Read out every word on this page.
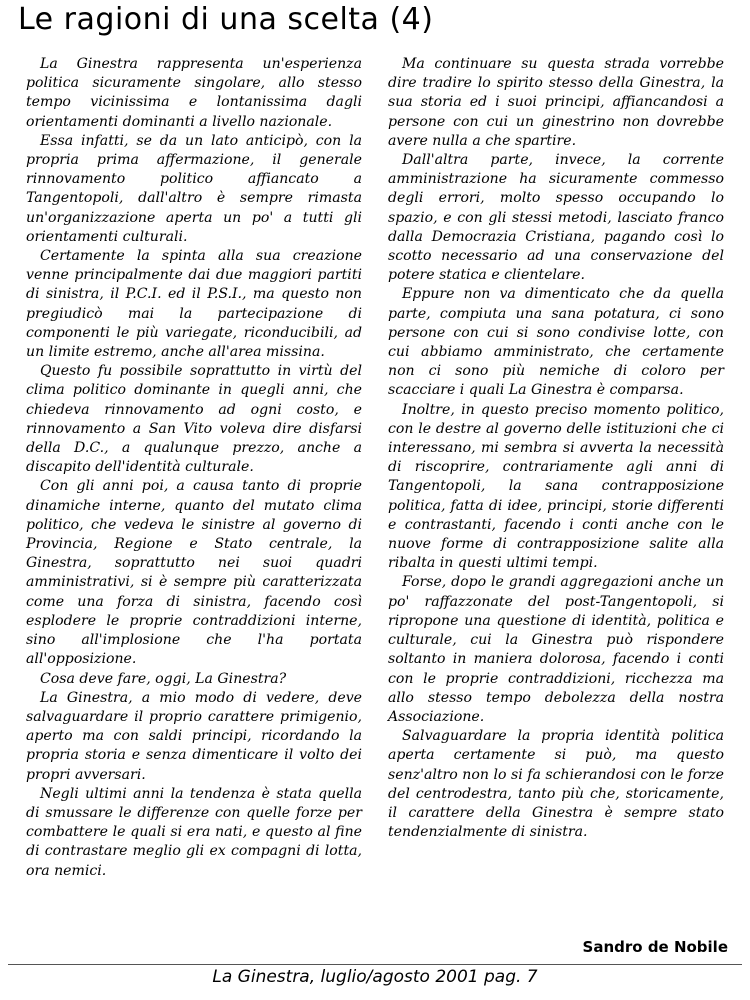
Le ragioni di una scelta (4)

La Ginestra rappresenta un'esperienza politica sicuramente singolare, allo stesso tempo vicinissima e lontanissima dagli orientamenti dominanti a livello nazionale.

Essa infatti, se da un lato anticipò, con la propria prima affermazione, il generale rinnovamento politico affiancato a Tangentopoli, dall'altro è sempre rimasta un'organizzazione aperta un po' a tutti gli orientamenti culturali.

Certamente la spinta alla sua creazione venne principalmente dai due maggiori partiti di sinistra, il P.C.I. ed il P.S.I., ma questo non pregiudicò mai la partecipazione di componenti le più variegate, riconducibili, ad un limite estremo, anche all'area missina.

Questo fu possibile soprattutto in virtù del clima politico dominante in quegli anni, che chiedeva rinnovamento ad ogni costo, e rinnovamento a San Vito voleva dire disfarsi della D.C., a qualunque prezzo, anche a discapito dell'identità culturale.

Con gli anni poi, a causa tanto di proprie dinamiche interne, quanto del mutato clima politico, che vedeva le sinistre al governo di Provincia, Regione e Stato centrale, la Ginestra, soprattutto nei suoi quadri amministrativi, si è sempre più caratterizzata come una forza di sinistra, facendo così esplodere le proprie contraddizioni interne, sino all'implosione che l'ha portata all'opposizione.

Cosa deve fare, oggi, La Ginestra?

La Ginestra, a mio modo di vedere, deve salvaguardare il proprio carattere primigenio, aperto ma con saldi principi, ricordando la propria storia e senza dimenticare il volto dei propri avversari.

Negli ultimi anni la tendenza è stata quella di smussare le differenze con quelle forze per combattere le quali si era nati, e questo al fine di contrastare meglio gli ex compagni di lotta, ora nemici.

Ma continuare su questa strada vorrebbe dire tradire lo spirito stesso della Ginestra, la sua storia ed i suoi principi, affiancandosi a persone con cui un ginestrino non dovrebbe avere nulla a che spartire.

Dall'altra parte, invece, la corrente amministrazione ha sicuramente commesso degli errori, molto spesso occupando lo spazio, e con gli stessi metodi, lasciato franco dalla Democrazia Cristiana, pagando così lo scotto necessario ad una conservazione del potere statica e clientelare.

Eppure non va dimenticato che da quella parte, compiuta una sana potatura, ci sono persone con cui si sono condivise lotte, con cui abbiamo amministrato, che certamente non ci sono più nemiche di coloro per scacciare i quali La Ginestra è comparsa.

Inoltre, in questo preciso momento politico, con le destre al governo delle istituzioni che ci interessano, mi sembra si avverta la necessità di riscoprire, contrariamente agli anni di Tangentopoli, la sana contrapposizione politica, fatta di idee, principi, storie differenti e contrastanti, facendo i conti anche con le nuove forme di contrapposizione salite alla ribalta in questi ultimi tempi.

Forse, dopo le grandi aggregazioni anche un po' raffazzonate del post-Tangentopoli, si ripropone una questione di identità, politica e culturale, cui la Ginestra può rispondere soltanto in maniera dolorosa, facendo i conti con le proprie contraddizioni, ricchezza ma allo stesso tempo debolezza della nostra Associazione.

Salvaguardare la propria identità politica aperta certamente si può, ma questo senz'altro non lo si fa schierandosi con le forze del centrodestra, tanto più che, storicamente, il carattere della Ginestra è sempre stato tendenzialmente di sinistra.

Sandro de Nobile
La Ginestra, luglio/agosto 2001 pag. 7
